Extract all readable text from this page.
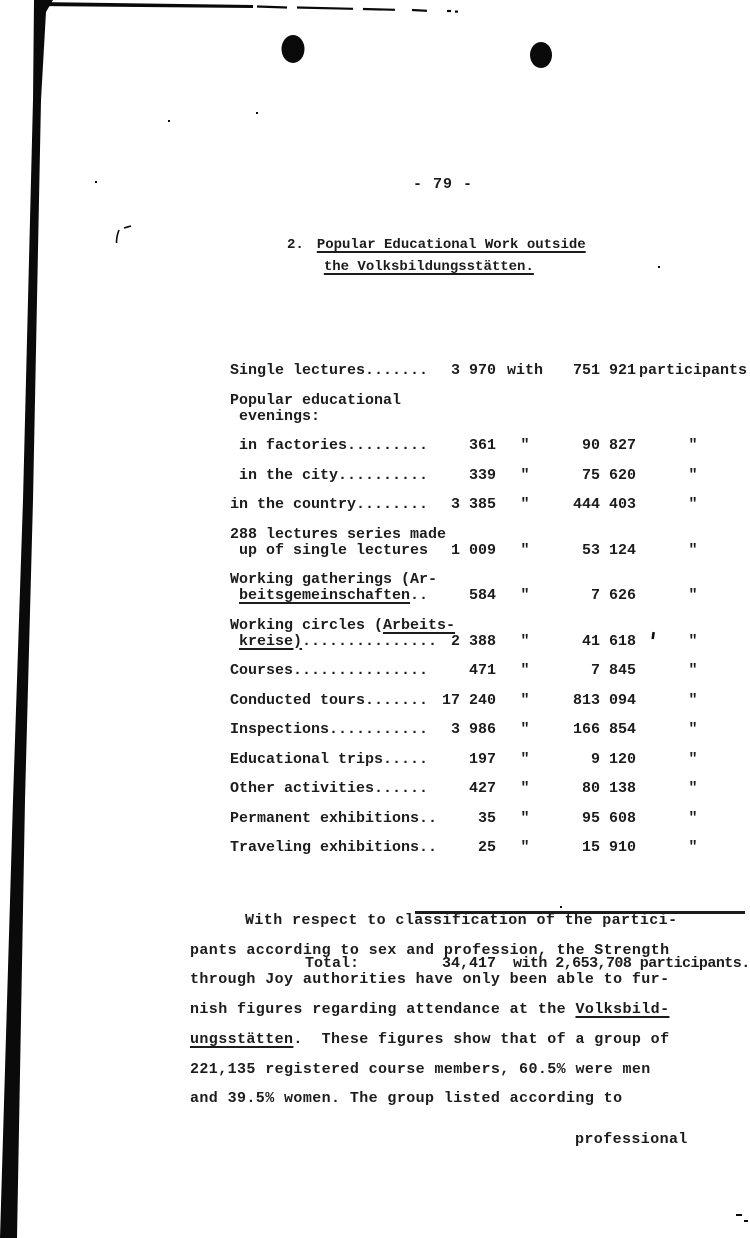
- 79 -
2. Popular Educational Work outside
the Volksbildungsstätten.

Single lectures.......	3 970 with	751 921 participants
Popular educational
evenings:
in factories.........	361	"	90 827	"
in the city..........	339	"	75 620	"
in the country........	3 385	"	444 403	"
288 lectures series made
up of single lectures	1 009	"	53 124	"
Working gatherings (Ar-
beitsgemeinschaften..	584	"	7 626	"
Working circles (Arbeits-
kreise)............... 2 388	"	41 618	"
Courses...............	471	"	7 845	"
Conducted tours....... 17 240	"	813 094	"
Inspections...........	3 986	"	166 854	"
Educational trips.....	197	"	9 120	"
Other activities......	427	"	80 138	"
Permanent exhibitions..	35	"	95 608	"
Traveling exhibitions..	25	"	15 910	"

Total:	34,417	with 2,653,708 participants.

With respect to classification of the partici-
pants according to sex and profession, the Strength
through Joy authorities have only been able to fur-
nish figures regarding attendance at the Volksbild-
ungsstätten.  These figures show that of a group of
221,135 registered course members, 60.5% were men
and 39.5% women. The group listed according to
professional
